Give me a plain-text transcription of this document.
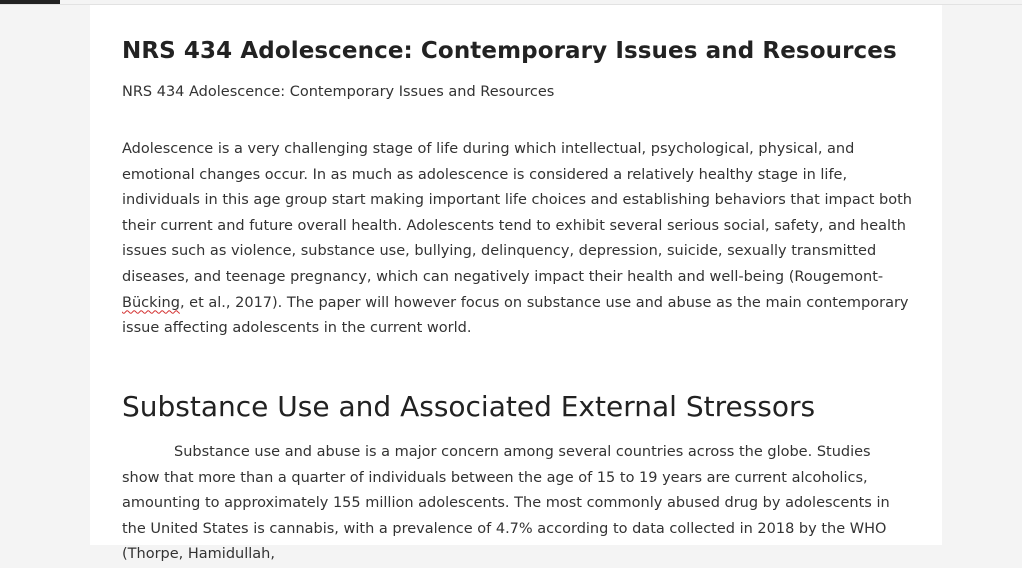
NRS 434 Adolescence: Contemporary Issues and Resources

NRS 434 Adolescence: Contemporary Issues and Resources

Adolescence is a very challenging stage of life during which intellectual, psychological, physical, and emotional changes occur. In as much as adolescence is considered a relatively healthy stage in life, individuals in this age group start making important life choices and establishing behaviors that impact both their current and future overall health. Adolescents tend to exhibit several serious social, safety, and health issues such as violence, substance use, bullying, delinquency, depression, suicide, sexually transmitted diseases, and teenage pregnancy, which can negatively impact their health and well-being (Rougemont-Bücking, et al., 2017). The paper will however focus on substance use and abuse as the main contemporary issue affecting adolescents in the current world.

Substance Use and Associated External Stressors

Substance use and abuse is a major concern among several countries across the globe. Studies show that more than a quarter of individuals between the age of 15 to 19 years are current alcoholics, amounting to approximately 155 million adolescents. The most commonly abused drug by adolescents in the United States is cannabis, with a prevalence of 4.7% according to data collected in 2018 by the WHO (Thorpe, Hamidullah,
